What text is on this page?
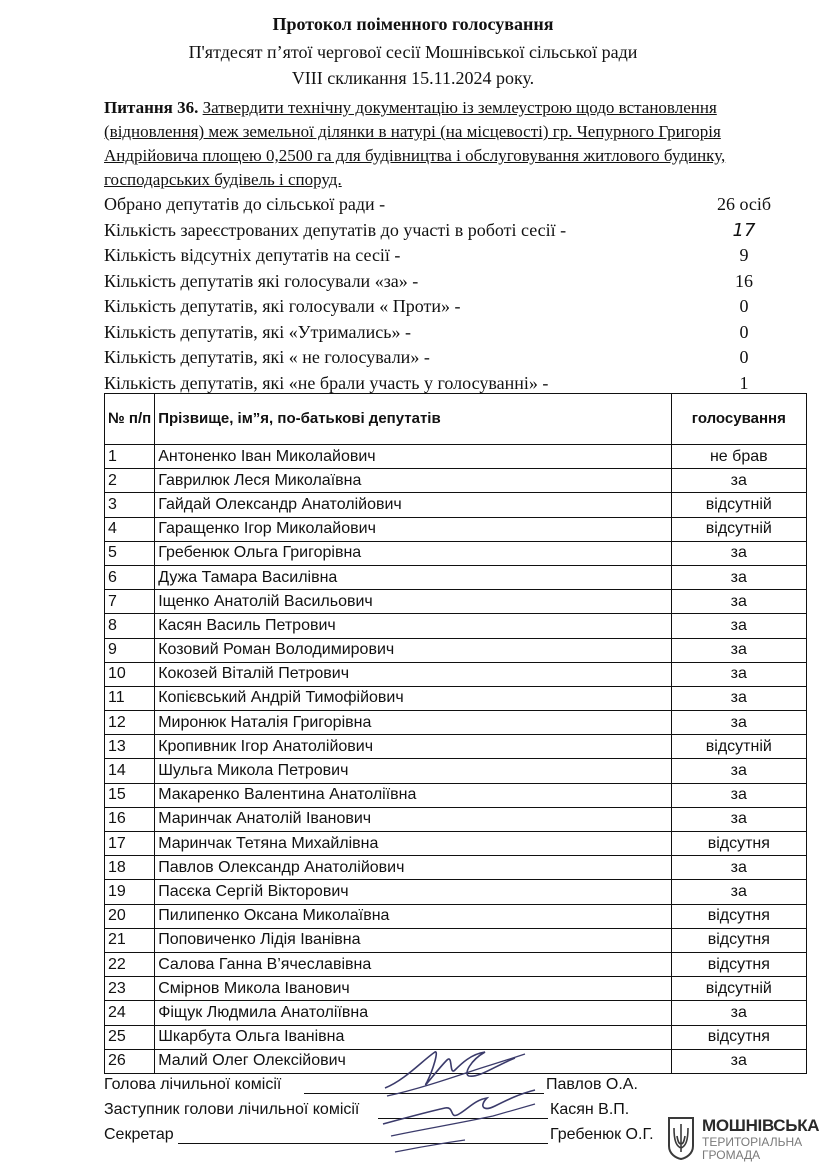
Протокол поіменного голосування
П'ятдесят п’ятої чергової сесії Мошнівської сільської ради
VIII скликання 15.11.2024 року.
Питання 36. Затвердити технічну документацію із землеустрою щодо встановлення (відновлення) меж земельної ділянки в натурі (на місцевості) гр. Чепурного Григорія Андрійовича площею 0,2500 га для будівництва і обслуговування житлового будинку, господарських будівель і споруд.
Обрано депутатів до сільської ради -	26 осіб
Кількість зареєстрованих депутатів до участі в роботі сесії -	17
Кількість відсутніх депутатів на сесії -	9
Кількість депутатів які голосували «за» -	16
Кількість депутатів, які голосували « Проти» -	0
Кількість депутатів, які «Утримались» -	0
Кількість депутатів, які « не голосували» -	0
Кількість депутатів, які «не брали участь у голосуванні» -	1
№ п/п	Прізвище, ім”я, по-батькові депутатів	голосування
1	Антоненко Іван Миколайович	не брав
2	Гаврилюк Леся Миколаївна	за
3	Гайдай Олександр Анатолійович	відсутній
4	Гаращенко Ігор Миколайович	відсутній
5	Гребенюк Ольга Григорівна	за
6	Дужа Тамара Василівна	за
7	Іщенко Анатолій Васильович	за
8	Касян Василь Петрович	за
9	Козовий Роман Володимирович	за
10	Кокозей Віталій Петрович	за
11	Копієвський Андрій Тимофійович	за
12	Миронюк Наталія Григорівна	за
13	Кропивник Ігор Анатолійович	відсутній
14	Шульга Микола Петрович	за
15	Макаренко Валентина Анатоліївна	за
16	Маринчак Анатолій Іванович	за
17	Маринчак Тетяна Михайлівна	відсутня
18	Павлов Олександр Анатолійович	за
19	Пасєка Сергій Вікторович	за
20	Пилипенко Оксана Миколаївна	відсутня
21	Поповиченко Лідія Іванівна	відсутня
22	Салова Ганна В’ячеславівна	відсутня
23	Смірнов Микола Іванович	відсутній
24	Фіщук Людмила Анатоліївна	за
25	Шкарбута Ольга Іванівна	відсутня
26	Малий Олег Олексійович	за
Голова лічильної комісії	Павлов О.А.
Заступник голови лічильної комісії	Касян В.П.
Секретар	Гребенюк О.Г.	МОШНІВСЬКА
ТЕРИТОРІАЛЬНА
ГРОМАДА
